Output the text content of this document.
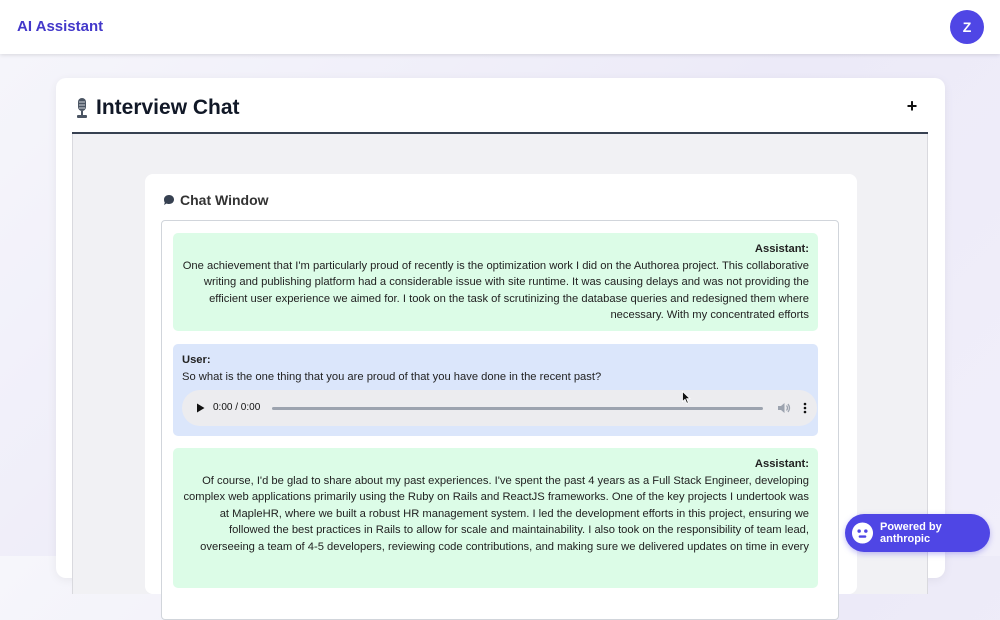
AI Assistant	Z
Interview Chat	+
Chat Window
Assistant:
One achievement that I'm particularly proud of recently is the optimization work I did on the Authorea project. This collaborative writing and publishing platform had a considerable issue with site runtime. It was causing delays and was not providing the efficient user experience we aimed for. I took on the task of scrutinizing the database queries and redesigned them where necessary. With my concentrated efforts
User:
So what is the one thing that you are proud of that you have done in the recent past?
0:00 / 0:00
Assistant:
Of course, I'd be glad to share about my past experiences. I've spent the past 4 years as a Full Stack Engineer, developing complex web applications primarily using the Ruby on Rails and ReactJS frameworks. One of the key projects I undertook was at MapleHR, where we built a robust HR management system. I led the development efforts in this project, ensuring we followed the best practices in Rails to allow for scale and maintainability. I also took on the responsibility of team lead, overseeing a team of 4-5 developers, reviewing code contributions, and making sure we delivered updates on time in every
Powered by anthropic
